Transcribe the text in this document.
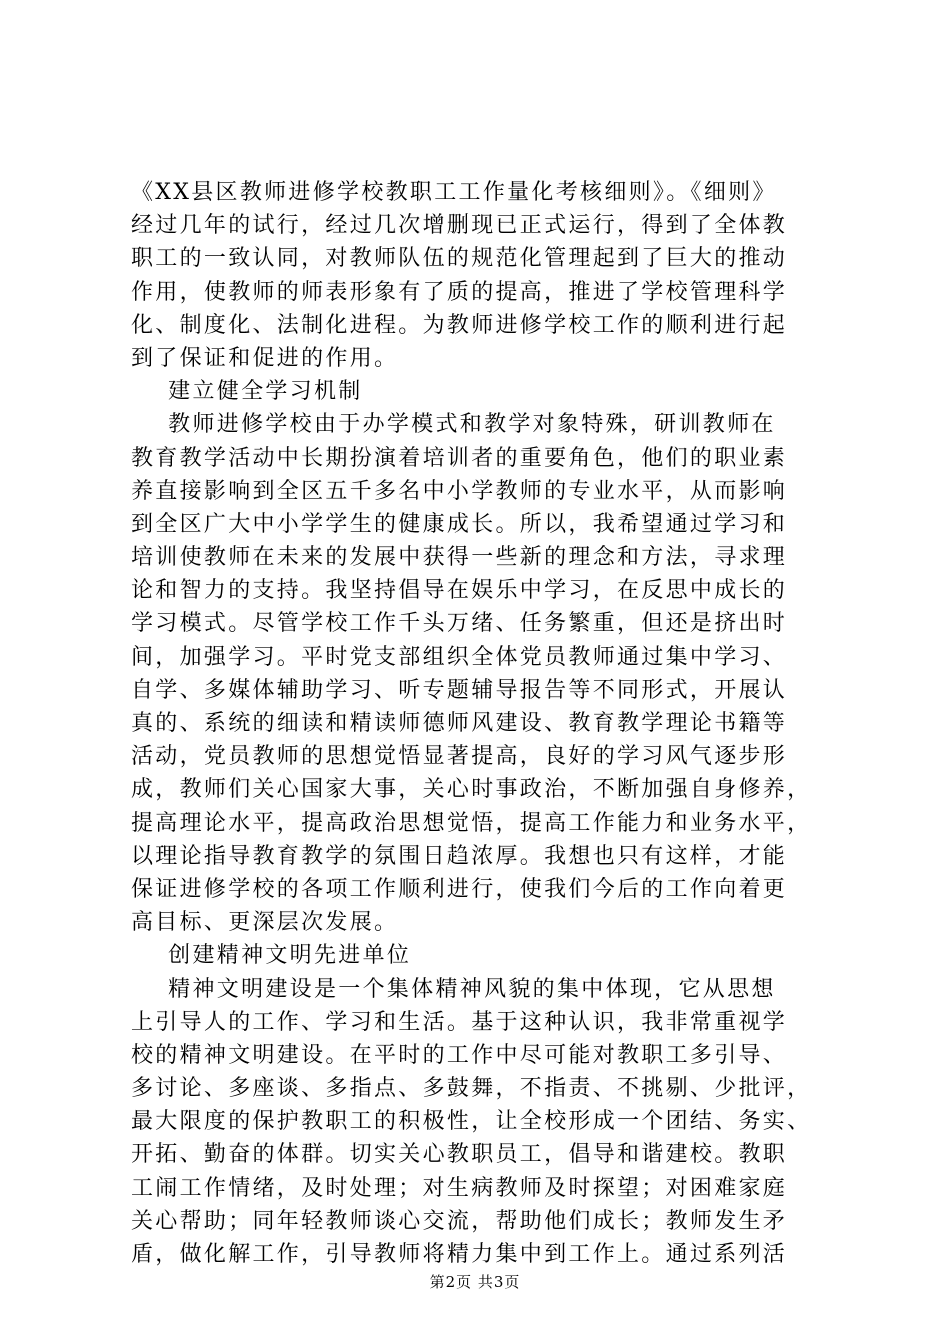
《XX县区教师进修学校教职工工作量化考核细则》。《细则》
经过几年的试行，经过几次增删现已正式运行，得到了全体教
职工的一致认同，对教师队伍的规范化管理起到了巨大的推动
作用，使教师的师表形象有了质的提高，推进了学校管理科学
化、制度化、法制化进程。为教师进修学校工作的顺利进行起
到了保证和促进的作用。
建立健全学习机制
教师进修学校由于办学模式和教学对象特殊，研训教师在
教育教学活动中长期扮演着培训者的重要角色，他们的职业素
养直接影响到全区五千多名中小学教师的专业水平，从而影响
到全区广大中小学学生的健康成长。所以，我希望通过学习和
培训使教师在未来的发展中获得一些新的理念和方法，寻求理
论和智力的支持。我坚持倡导在娱乐中学习，在反思中成长的
学习模式。尽管学校工作千头万绪、任务繁重，但还是挤出时
间，加强学习。平时党支部组织全体党员教师通过集中学习、
自学、多媒体辅助学习、听专题辅导报告等不同形式，开展认
真的、系统的细读和精读师德师风建设、教育教学理论书籍等
活动，党员教师的思想觉悟显著提高，良好的学习风气逐步形
成，教师们关心国家大事，关心时事政治，不断加强自身修养，
提高理论水平，提高政治思想觉悟，提高工作能力和业务水平，
以理论指导教育教学的氛围日趋浓厚。我想也只有这样，才能
保证进修学校的各项工作顺利进行，使我们今后的工作向着更
高目标、更深层次发展。
创建精神文明先进单位
精神文明建设是一个集体精神风貌的集中体现，它从思想
上引导人的工作、学习和生活。基于这种认识，我非常重视学
校的精神文明建设。在平时的工作中尽可能对教职工多引导、
多讨论、多座谈、多指点、多鼓舞，不指责、不挑剔、少批评，
最大限度的保护教职工的积极性，让全校形成一个团结、务实、
开拓、勤奋的体群。切实关心教职员工，倡导和谐建校。教职
工闹工作情绪，及时处理；对生病教师及时探望；对困难家庭
关心帮助；同年轻教师谈心交流，帮助他们成长；教师发生矛
盾，做化解工作，引导教师将精力集中到工作上。通过系列活
第2页 共3页
